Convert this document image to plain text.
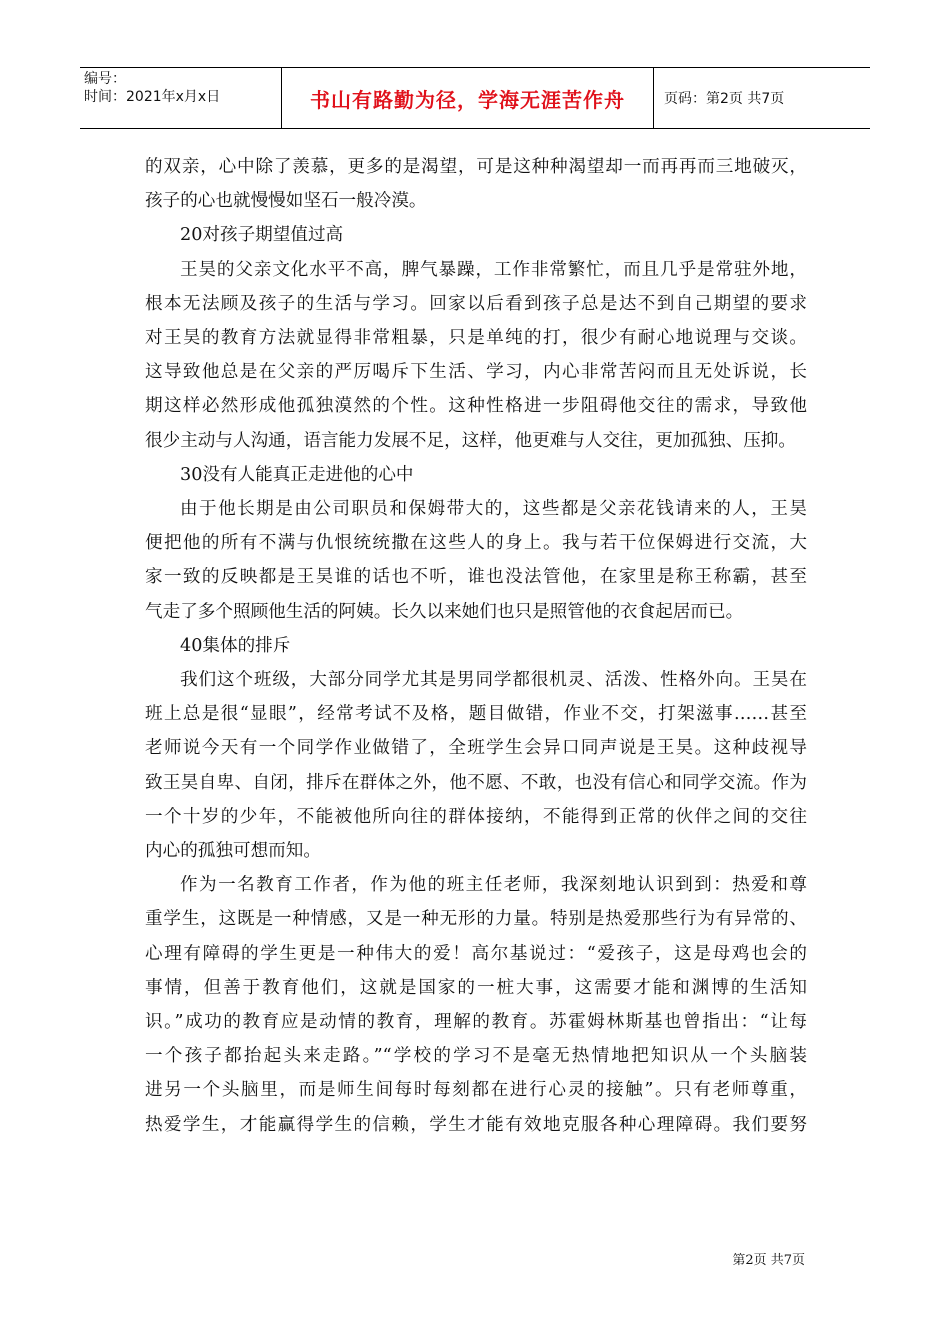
编号：
时间：2021年x月x日	书山有路勤为径，学海无涯苦作舟	页码：第2页 共7页

的双亲，心中除了羡慕，更多的是渴望，可是这种种渴望却一而再再而三地破灭，

孩子的心也就慢慢如坚石一般冷漠。

20对孩子期望值过高

王昊的父亲文化水平不高，脾气暴躁，工作非常繁忙，而且几乎是常驻外地，

根本无法顾及孩子的生活与学习。回家以后看到孩子总是达不到自己期望的要求

对王昊的教育方法就显得非常粗暴，只是单纯的打，很少有耐心地说理与交谈。

这导致他总是在父亲的严厉喝斥下生活、学习，内心非常苦闷而且无处诉说，长

期这样必然形成他孤独漠然的个性。这种性格进一步阻碍他交往的需求，导致他

很少主动与人沟通，语言能力发展不足，这样，他更难与人交往，更加孤独、压抑。

30没有人能真正走进他的心中

由于他长期是由公司职员和保姆带大的，这些都是父亲花钱请来的人，王昊

便把他的所有不满与仇恨统统撒在这些人的身上。我与若干位保姆进行交流，大

家一致的反映都是王昊谁的话也不听，谁也没法管他，在家里是称王称霸，甚至

气走了多个照顾他生活的阿姨。长久以来她们也只是照管他的衣食起居而已。

40集体的排斥

我们这个班级，大部分同学尤其是男同学都很机灵、活泼、性格外向。王昊在

班上总是很“显眼”，经常考试不及格，题目做错，作业不交，打架滋事……甚至

老师说今天有一个同学作业做错了，全班学生会异口同声说是王昊。这种歧视导

致王昊自卑、自闭，排斥在群体之外，他不愿、不敢，也没有信心和同学交流。作为

一个十岁的少年，不能被他所向往的群体接纳，不能得到正常的伙伴之间的交往

内心的孤独可想而知。

作为一名教育工作者，作为他的班主任老师，我深刻地认识到到：热爱和尊

重学生，这既是一种情感，又是一种无形的力量。特别是热爱那些行为有异常的、

心理有障碍的学生更是一种伟大的爱！高尔基说过：“爱孩子，这是母鸡也会的

事情，但善于教育他们，这就是国家的一桩大事，这需要才能和渊博的生活知

识。”成功的教育应是动情的教育，理解的教育。苏霍姆林斯基也曾指出：“让每

一个孩子都抬起头来走路。”“学校的学习不是毫无热情地把知识从一个头脑装

进另一个头脑里，而是师生间每时每刻都在进行心灵的接触”。只有老师尊重，

热爱学生，才能赢得学生的信赖，学生才能有效地克服各种心理障碍。我们要努

第2页 共7页
